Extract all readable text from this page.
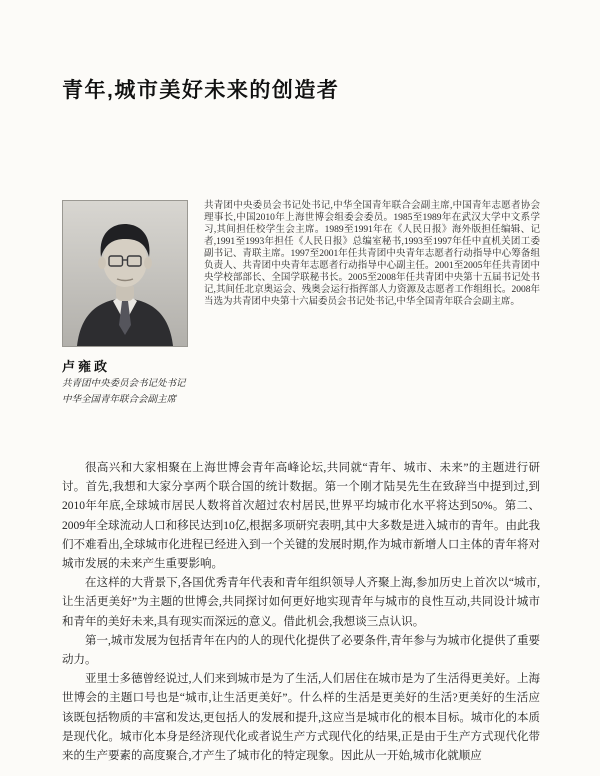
青年,城市美好未来的创造者
卢雍政
共青团中央委员会书记处书记
中华全国青年联合会副主席
共青团中央委员会书记处书记,中华全国青年联合会副主席,中国青年志愿者协会理事长,中国2010年上海世博会组委会委员。1985至1989年在武汉大学中文系学习,其间担任校学生会主席。1989至1991年在《人民日报》海外版担任编辑、记者,1991至1993年担任《人民日报》总编室秘书,1993至1997年任中直机关团工委副书记、青联主席。1997至2001年任共青团中央青年志愿者行动指导中心筹备组负责人、共青团中央青年志愿者行动指导中心副主任。2001至2005年任共青团中央学校部部长、全国学联秘书长。2005至2008年任共青团中央第十五届书记处书记,其间任北京奥运会、残奥会运行指挥部人力资源及志愿者工作组组长。2008年当选为共青团中央第十六届委员会书记处书记,中华全国青年联合会副主席。

很高兴和大家相聚在上海世博会青年高峰论坛,共同就“青年、城市、未来”的主题进行研讨。首先,我想和大家分享两个联合国的统计数据。第一个刚才陆昊先生在致辞当中提到过,到2010年年底,全球城市居民人数将首次超过农村居民,世界平均城市化水平将达到50%。第二、2009年全球流动人口和移民达到10亿,根据多项研究表明,其中大多数是进入城市的青年。由此我们不难看出,全球城市化进程已经进入到一个关键的发展时期,作为城市新增人口主体的青年将对城市发展的未来产生重要影响。

在这样的大背景下,各国优秀青年代表和青年组织领导人齐聚上海,参加历史上首次以“城市,让生活更美好”为主题的世博会,共同探讨如何更好地实现青年与城市的良性互动,共同设计城市和青年的美好未来,具有现实而深远的意义。借此机会,我想谈三点认识。

第一,城市发展为包括青年在内的人的现代化提供了必要条件,青年参与为城市化提供了重要动力。

亚里士多德曾经说过,人们来到城市是为了生活,人们居住在城市是为了生活得更美好。上海世博会的主题口号也是“城市,让生活更美好”。什么样的生活是更美好的生活?更美好的生活应该既包括物质的丰富和发达,更包括人的发展和提升,这应当是城市化的根本目标。城市化的本质是现代化。城市化本身是经济现代化或者说生产方式现代化的结果,正是由于生产方式现代化带来的生产要素的高度聚合,才产生了城市化的特定现象。因此从一开始,城市化就顺应
